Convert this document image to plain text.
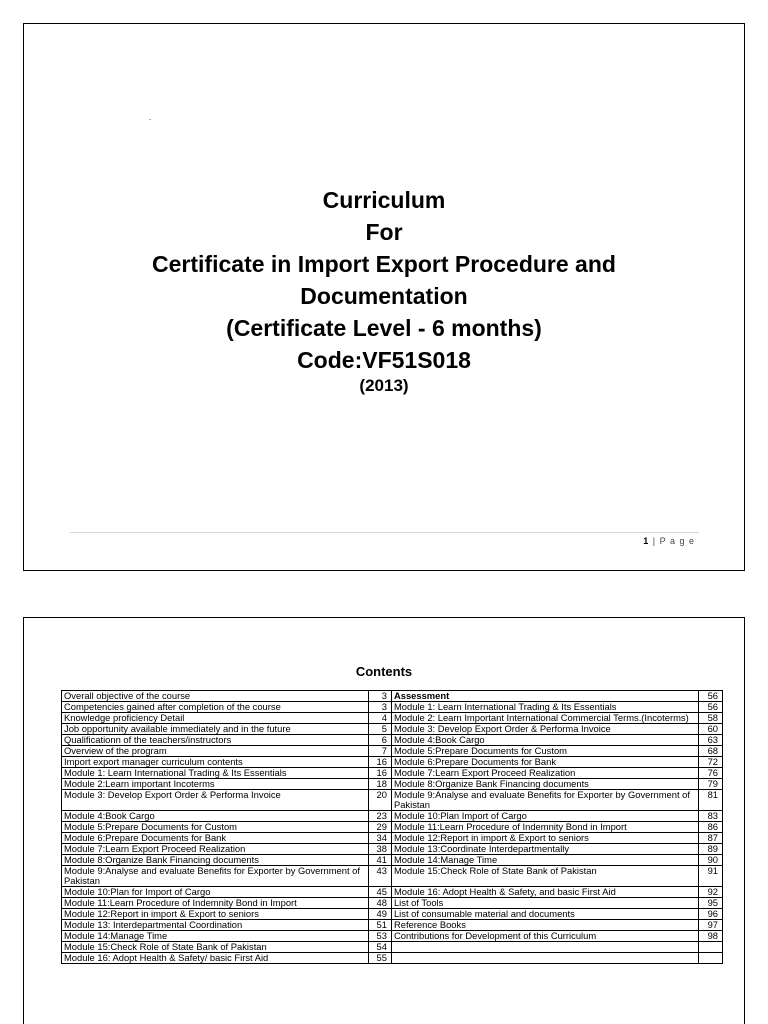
.
Curriculum
For
Certificate in Import Export Procedure and
Documentation
(Certificate Level - 6 months)
Code:VF51S018
(2013)
1 | P a g e
Contents
Overall objective of the course	3	Assessment	56
Competencies gained after completion of the course	3	Module 1: Learn International Trading & Its Essentials	56
Knowledge proficiency Detail	4	Module 2: Learn Important International Commercial Terms.(Incoterms)	58
Job opportunity available immediately and in the future	5	Module 3: Develop Export Order & Performa Invoice	60
Qualificationn of the teachers/instructors	6	Module 4:Book Cargo	63
Overview of the program	7	Module 5:Prepare Documents for Custom	68
Import export manager curriculum contents	16	Module 6:Prepare Documents for Bank	72
Module 1: Learn International Trading & Its Essentials	16	Module 7:Learn Export Proceed Realization	76
Module 2:Learn important Incoterms	18	Module 8:Organize Bank Financing documents	79
Module 3: Develop Export Order & Performa Invoice	20	Module 9:Analyse and evaluate Benefits for Exporter by Government of Pakistan	81
Module 4:Book Cargo	23	Module 10:Plan Import of Cargo	83
Module 5:Prepare Documents for Custom	29	Module 11:Learn Procedure of Indemnity Bond in Import	86
Module 6:Prepare Documents for Bank	34	Module 12:Report in import & Export to seniors	87
Module 7:Learn Export Proceed Realization	38	Module 13:Coordinate Interdepartmentally	89
Module 8:Organize Bank Financing documents	41	Module 14:Manage Time	90
Module 9:Analyse and evaluate Benefits for Exporter by Government of Pakistan	43	Module 15:Check Role of State Bank of Pakistan	91
Module 10:Plan for Import of Cargo	45	Module 16: Adopt Health & Safety, and basic First Aid	92
Module 11:Learn Procedure of Indemnity Bond in Import	48	List of Tools	95
Module 12:Report in import & Export to seniors	49	List of consumable material and documents	96
Module 13: Interdepartmental Coordination	51	Reference Books	97
Module 14:Manage Time	53	Contributions for Development of this Curriculum	98
Module 15:Check Role of State Bank of Pakistan	54		
Module 16: Adopt Health & Safety/ basic First Aid	55		
